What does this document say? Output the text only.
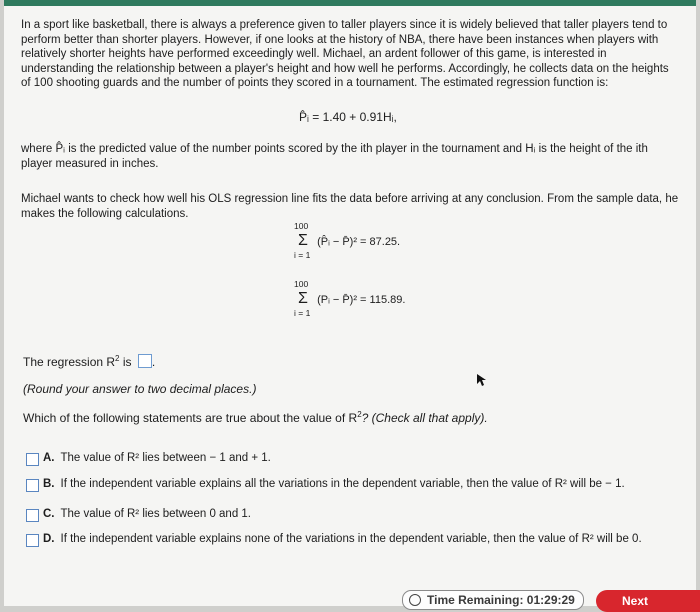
In a sport like basketball, there is always a preference given to taller players since it is widely believed that taller players tend to perform better than shorter players. However, if one looks at the history of NBA, there have been instances when players with relatively shorter heights have performed exceedingly well. Michael, an ardent follower of this game, is interested in understanding the relationship between a player's height and how well he performs. Accordingly, he collects data on the heights of 100 shooting guards and the number of points they scored in a tournament. The estimated regression function is:
P̂ᵢ = 1.40 + 0.91Hᵢ,
where P̂ᵢ is the predicted value of the number points scored by the ith player in the tournament and Hᵢ is the height of the ith player measured in inches.
Michael wants to check how well his OLS regression line fits the data before arriving at any conclusion. From the sample data, he makes the following calculations.
100
Σ
i = 1
(P̂ᵢ − P̄)² = 87.25.
100
Σ
i = 1
(Pᵢ − P̄)² = 115.89.
The regression $R^2$ is .
(Round your answer to two decimal places.)
Which of the following statements are true about the value of $R^2$? (Check all that apply).
A. The value of R² lies between − 1 and + 1.
B. If the independent variable explains all the variations in the dependent variable, then the value of R² will be − 1.
C. The value of R² lies between 0 and 1.
D. If the independent variable explains none of the variations in the dependent variable, then the value of R² will be 0.
Time Remaining: 01:29:29	Next
